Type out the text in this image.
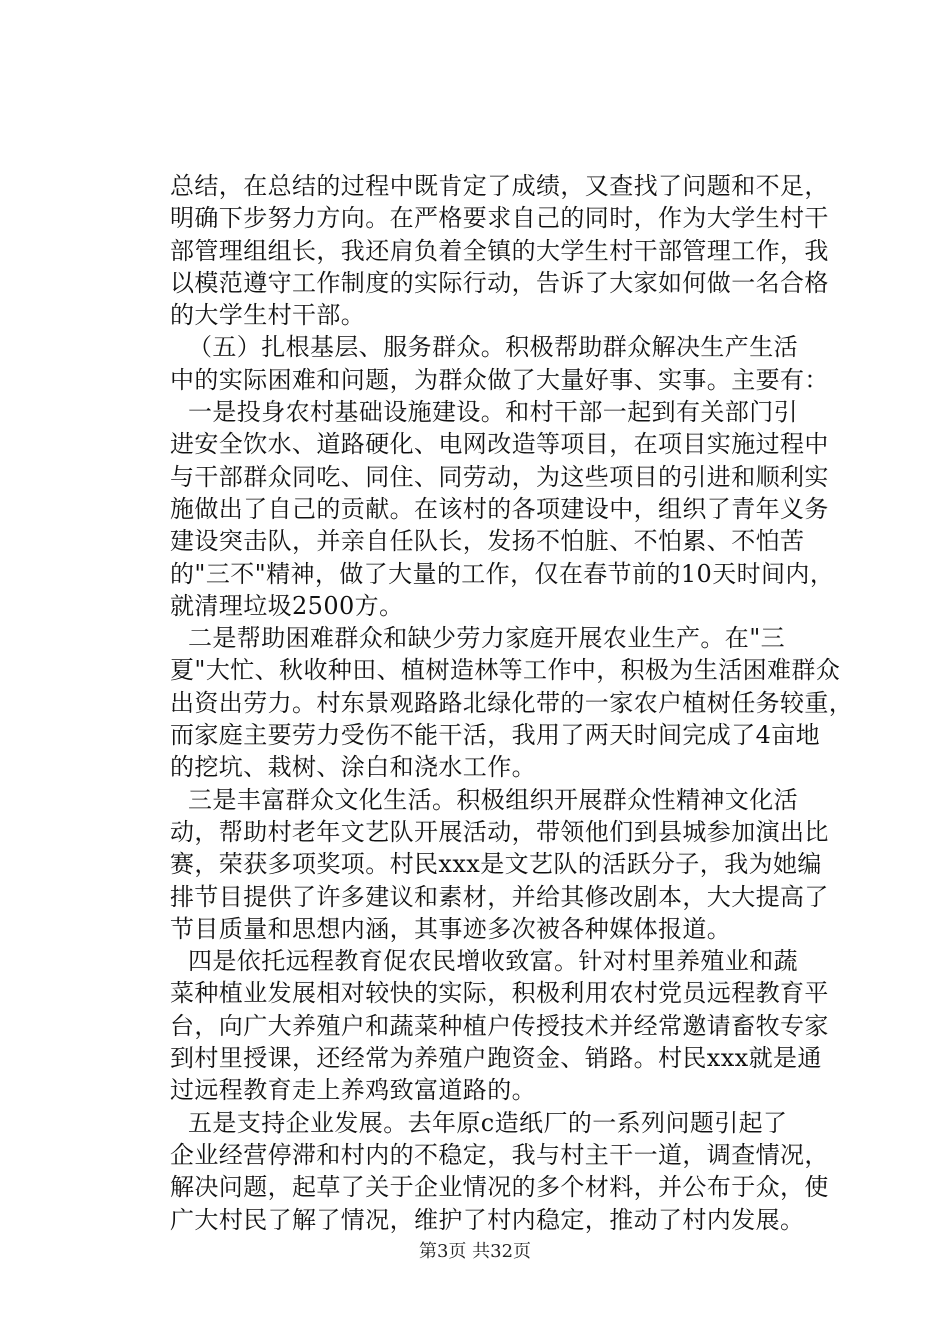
总结，在总结的过程中既肯定了成绩，又查找了问题和不足，
明确下步努力方向。在严格要求自己的同时，作为大学生村干
部管理组组长，我还肩负着全镇的大学生村干部管理工作，我
以模范遵守工作制度的实际行动，告诉了大家如何做一名合格
的大学生村干部。
（五）扎根基层、服务群众。积极帮助群众解决生产生活
中的实际困难和问题，为群众做了大量好事、实事。主要有：
一是投身农村基础设施建设。和村干部一起到有关部门引
进安全饮水、道路硬化、电网改造等项目，在项目实施过程中
与干部群众同吃、同住、同劳动，为这些项目的引进和顺利实
施做出了自己的贡献。在该村的各项建设中，组织了青年义务
建设突击队，并亲自任队长，发扬不怕脏、不怕累、不怕苦
的"三不"精神，做了大量的工作，仅在春节前的10天时间内，
就清理垃圾2500方。
二是帮助困难群众和缺少劳力家庭开展农业生产。在"三
夏"大忙、秋收种田、植树造林等工作中，积极为生活困难群众
出资出劳力。村东景观路路北绿化带的一家农户植树任务较重，
而家庭主要劳力受伤不能干活，我用了两天时间完成了4亩地
的挖坑、栽树、涂白和浇水工作。
三是丰富群众文化生活。积极组织开展群众性精神文化活
动，帮助村老年文艺队开展活动，带领他们到县城参加演出比
赛，荣获多项奖项。村民xxx是文艺队的活跃分子，我为她编
排节目提供了许多建议和素材，并给其修改剧本，大大提高了
节目质量和思想内涵，其事迹多次被各种媒体报道。
四是依托远程教育促农民增收致富。针对村里养殖业和蔬
菜种植业发展相对较快的实际，积极利用农村党员远程教育平
台，向广大养殖户和蔬菜种植户传授技术并经常邀请畜牧专家
到村里授课，还经常为养殖户跑资金、销路。村民xxx就是通
过远程教育走上养鸡致富道路的。
五是支持企业发展。去年原c造纸厂的一系列问题引起了
企业经营停滞和村内的不稳定，我与村主干一道，调查情况，
解决问题，起草了关于企业情况的多个材料，并公布于众，使
广大村民了解了情况，维护了村内稳定，推动了村内发展。
第3页 共32页
